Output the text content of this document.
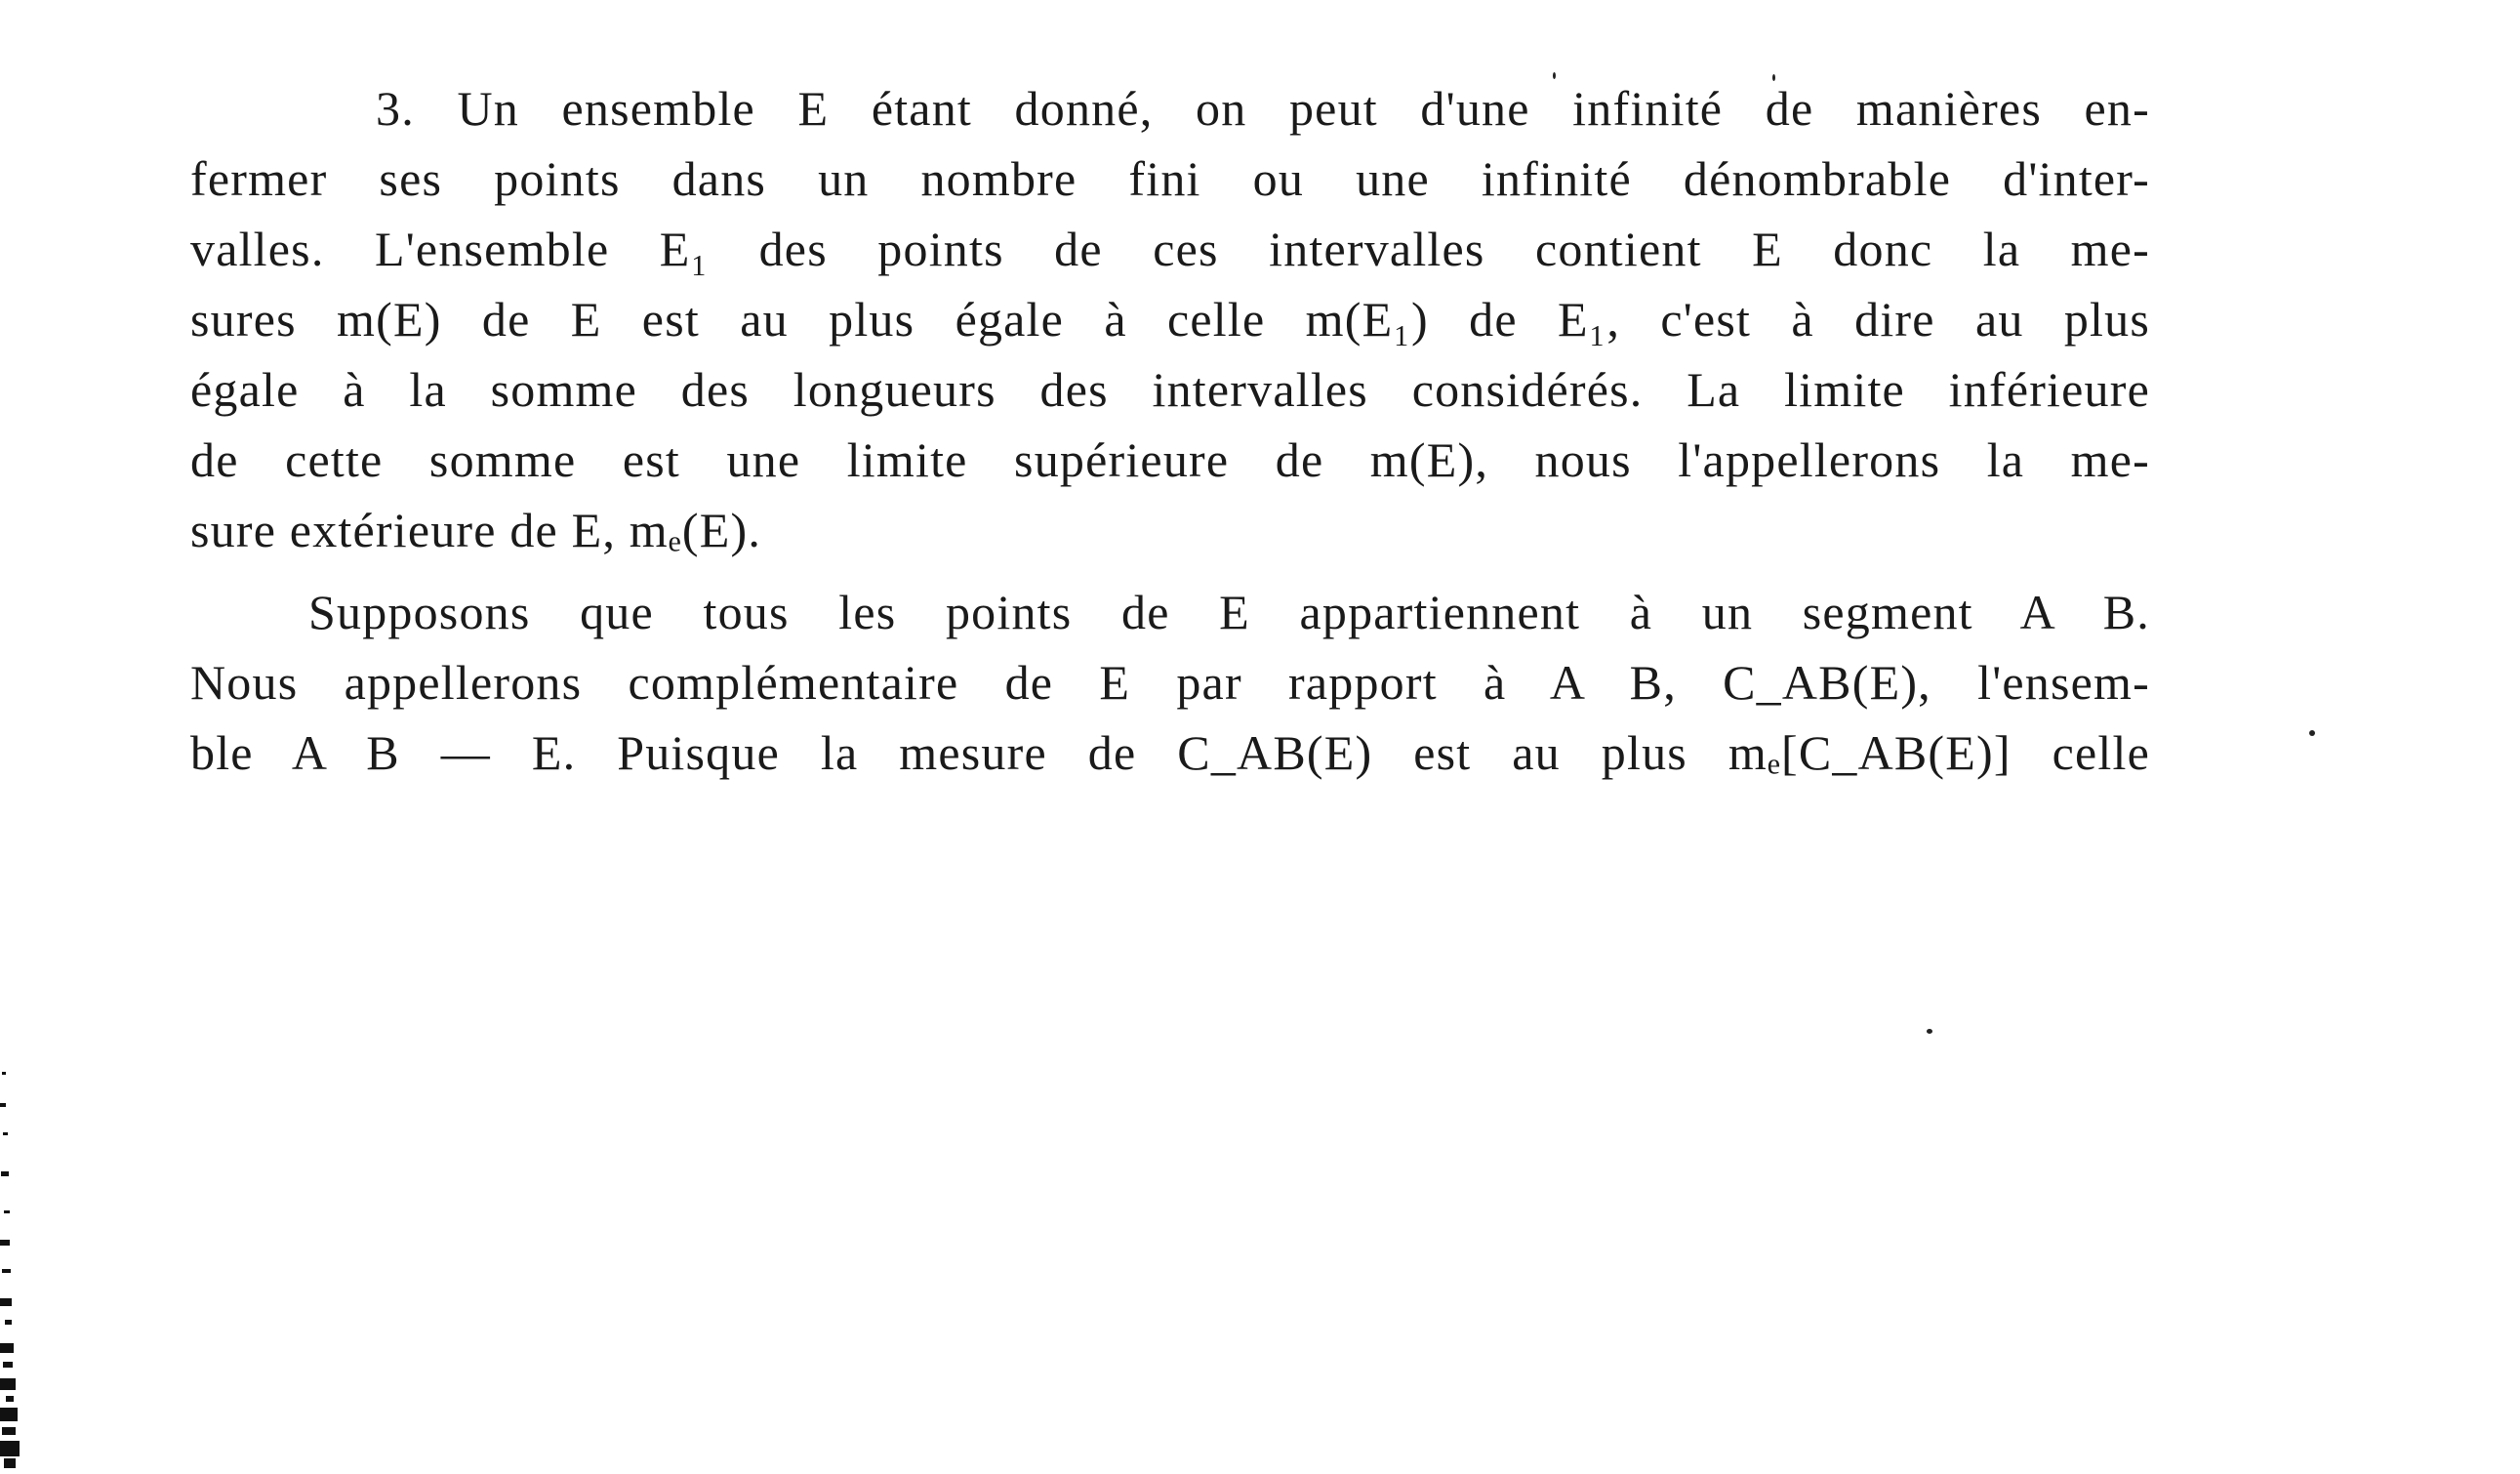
3. Un ensemble E étant donné, on peut d'une infinité de manières en-
fermer ses points dans un nombre fini ou une infinité dénombrable d'inter-
valles. L'ensemble E₁ des points de ces intervalles contient E donc la me-
sures m(E) de E est au plus égale à celle m(E₁) de E₁, c'est à dire au plus
égale à la somme des longueurs des intervalles considérés. La limite inférieure
de cette somme est une limite supérieure de m(E), nous l'appellerons la me-
sure extérieure de E, mₑ(E).
Supposons que tous les points de E appartiennent à un segment A B.
Nous appellerons complémentaire de E par rapport à A B, C_AB(E), l'ensem-
ble A B — E. Puisque la mesure de C_AB(E) est au plus mₑ[C_AB(E)] celle
